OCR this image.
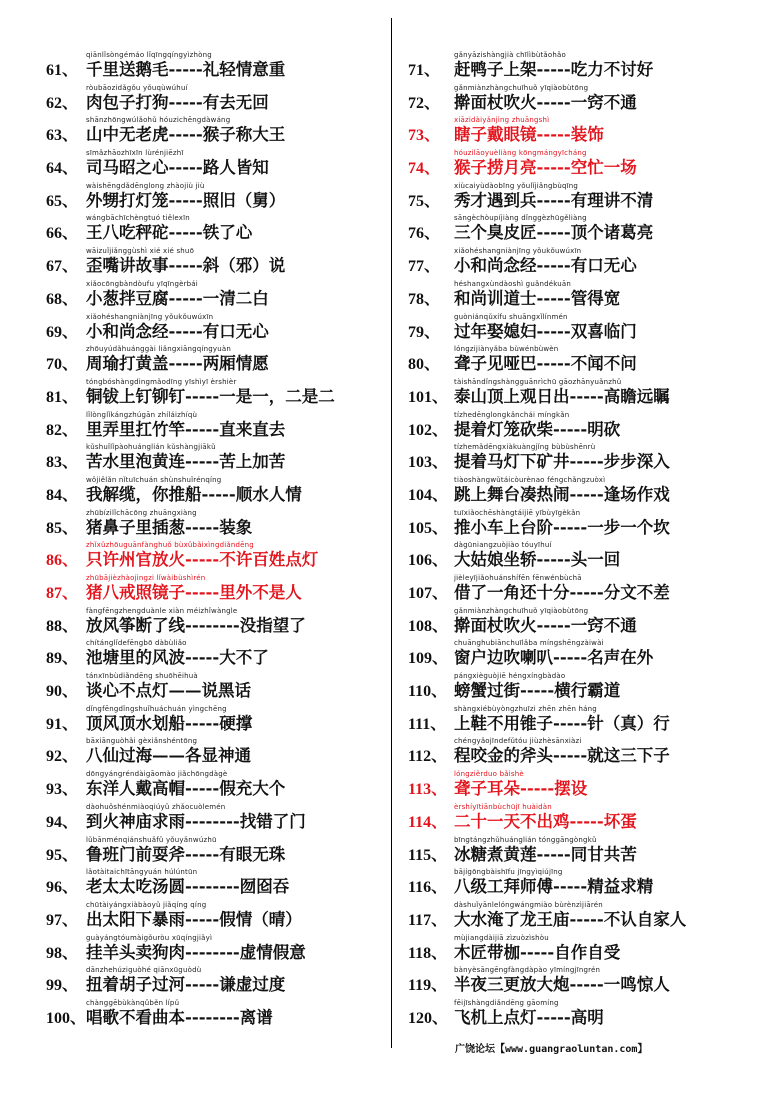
qiānlǐsòngémáo lǐqīngqíngyìzhòng
61、 千里送鹅毛-----礼轻情意重
ròubāozidǎgǒu yǒuqùwúhuí
62、 肉包子打狗-----有去无回
shānzhōngwúlǎohǔ hóuzichēngdàwáng
63、 山中无老虎-----猴子称大王
sīmǎzhāozhīxīn lùrénjiēzhī
64、 司马昭之心-----路人皆知
wàishēngdǎdēnglong zhàojiù jiù
65、 外甥打灯笼-----照旧（舅）
wángbāchīchèngtuó tiělexīn
66、 王八吃秤砣-----铁了心
wāizuǐjiǎnggùshì xié xié shuō
67、 歪嘴讲故事-----斜（邪）说
xiǎocōngbàndòufu yīqīngèrbái
68、 小葱拌豆腐-----一清二白
xiǎohéshangniànjīng yǒukǒuwúxīn
69、 小和尚念经-----有口无心
zhōuyúdǎhuánggài liǎngxiāngqíngyuàn
70、 周瑜打黄盖-----两厢情愿
tóngbóshàngdìngmǎodīng yīshìyī èrshièr
81、 铜钹上钉铆钉-----一是一，二是二
lǐlònglǐkángzhúgān zhíláizhíqù
82、 里弄里扛竹竿-----直来直去
kǔshuǐlǐpàohuánglián kǔshàngjiākǔ
83、 苦水里泡黄连-----苦上加苦
wǒjiělǎn nǐtuīchuán shùnshuǐrénqíng
84、 我解缆，你推船-----顺水人情
zhūbízilǐchācōng zhuāngxiàng
85、 猪鼻子里插葱-----装象
zhǐxǔzhōuguānfànghuǒ bùxǔbǎixìngdiǎndēng
86、 只许州官放火-----不许百姓点灯
zhūbājièzhàojìngzi lǐwàibùshìrén
87、 猪八戒照镜子-----里外不是人
fàngfēngzhengduànle xiàn méizhǐwàngle
88、 放风筝断了线--------没指望了
chítánglǐdefēngbō dàbùliǎo
89、 池塘里的风波-----大不了
tánxīnbùdiǎndēng shuōhēihuà
90、 谈心不点灯——说黑话
dǐngfēngdǐngshuǐhuáchuán yìngchēng
91、 顶风顶水划船-----硬撑
bāxiānguòhǎi gèxiǎnshéntōng
92、 八仙过海——各显神通
dōngyángréndàigāomào jiǎchōngdàgè
93、 东洋人戴高帽-----假充大个
dàohuǒshénmiàoqiúyǔ zhǎocuòlemén
94、 到火神庙求雨--------找错了门
lǔbānménqiánshuǎfǔ yǒuyǎnwúzhū
95、 鲁班门前耍斧-----有眼无珠
lǎotàitaichītāngyuán húlúntūn
96、 老太太吃汤圆--------囫囵吞
chūtàiyángxiàbàoyǔ jiǎqíng qíng
97、 出太阳下暴雨-----假情（晴）
guàyángtóumàigǒuròu xūqíngjiǎyì
98、 挂羊头卖狗肉--------虚情假意
dānzhehúziguòhé qiānxūguòdù
99、 扭着胡子过河-----谦虚过度
chànggēbùkànqǔběn lípǔ
100、唱歌不看曲本--------离谱
gǎnyāzishàngjià chīlìbùtǎohǎo
71、 赶鸭子上架-----吃力不讨好
gǎnmiànzhàngchuīhuǒ yīqiàobùtōng
72、 擀面杖吹火-----一窍不通
xiāzidàiyǎnjìng zhuāngshì
73、 瞎子戴眼镜-----装饰
hóuzilāoyuèliàng kōngmángyīcháng
74、 猴子捞月亮-----空忙一场
xiùcaiyùdàobīng yǒulǐjiǎngbùqīng
75、 秀才遇到兵-----有理讲不清
sāngèchòupíjiàng dǐnggèzhūgěliàng
76、 三个臭皮匠-----顶个诸葛亮
xiǎohéshangniànjīng yǒukǒuwúxīn
77、 小和尚念经-----有口无心
héshangxùndàoshì guǎndékuān
78、 和尚训道士-----管得宽
guòniánqǔxífu shuāngxǐlínmén
79、 过年娶媳妇-----双喜临门
lóngzijiànyǎba bùwénbùwèn
80、 聋子见哑巴-----不闻不问
tàishāndǐngshàngguānrìchū gāozhānyuǎnzhǔ
101、 泰山顶上观日出-----高瞻远瞩
tízhedēnglongkǎnchái míngkǎn
102、 提着灯笼砍柴-----明砍
tízhemǎdēngxiàkuàngjǐng bùbùshēnrù
103、 提着马灯下矿井-----步步深入
tiàoshàngwǔtáicòurènao féngchǎngzuòxì
104、 跳上舞台凑热闹-----逢场作戏
tuīxiǎochēshàngtáijiē yībùyīgèkǎn
105、 推小车上台阶-----一步一个坎
dàgūniangzuòjiào tóuyīhuí
106、 大姑娘坐轿-----头一回
jièleyījiǎohuánshífēn fēnwénbùchā
107、 借了一角还十分-----分文不差
gǎnmiànzhàngchuīhuǒ yīqiàobùtōng
108、 擀面杖吹火-----一窍不通
chuānghubiānchuīlǎba míngshēngzàiwài
109、 窗户边吹喇叭-----名声在外
pángxièguòjiē héngxíngbàdào
110、 螃蟹过街-----横行霸道
shàngxiébùyòngzhuīzi zhēn zhēn háng
111、 上鞋不用锥子-----针（真）行
chéngyǎojīndefǔtóu jiùzhèsānxiàzi
112、 程咬金的斧头-----就这三下子
lóngziěrduo bǎishè
113、 聋子耳朵-----摆设
èrshíyītiānbùchūjī huàidàn
114、 二十一天不出鸡-----坏蛋
bīngtángzhǔhuánglián tónggāngòngkǔ
115、 冰糖煮黄莲-----同甘共苦
bājígōngbàishīfu jīngyìqiújīng
116、 八级工拜师傅-----精益求精
dàshuǐyānlelóngwángmiào bùrènzìjiārén
117、 大水淹了龙王庙-----不认自家人
mùjiangdàijiā zìzuòzìshòu
118、 木匠带枷-----自作自受
bànyèsāngēngfàngdàpào yīmíngjīngrén
119、 半夜三更放大炮-----一鸣惊人
fēijīshàngdiǎndēng gāomíng
120、 飞机上点灯-----高明
广饶论坛【www.guangraoluntan.com】
